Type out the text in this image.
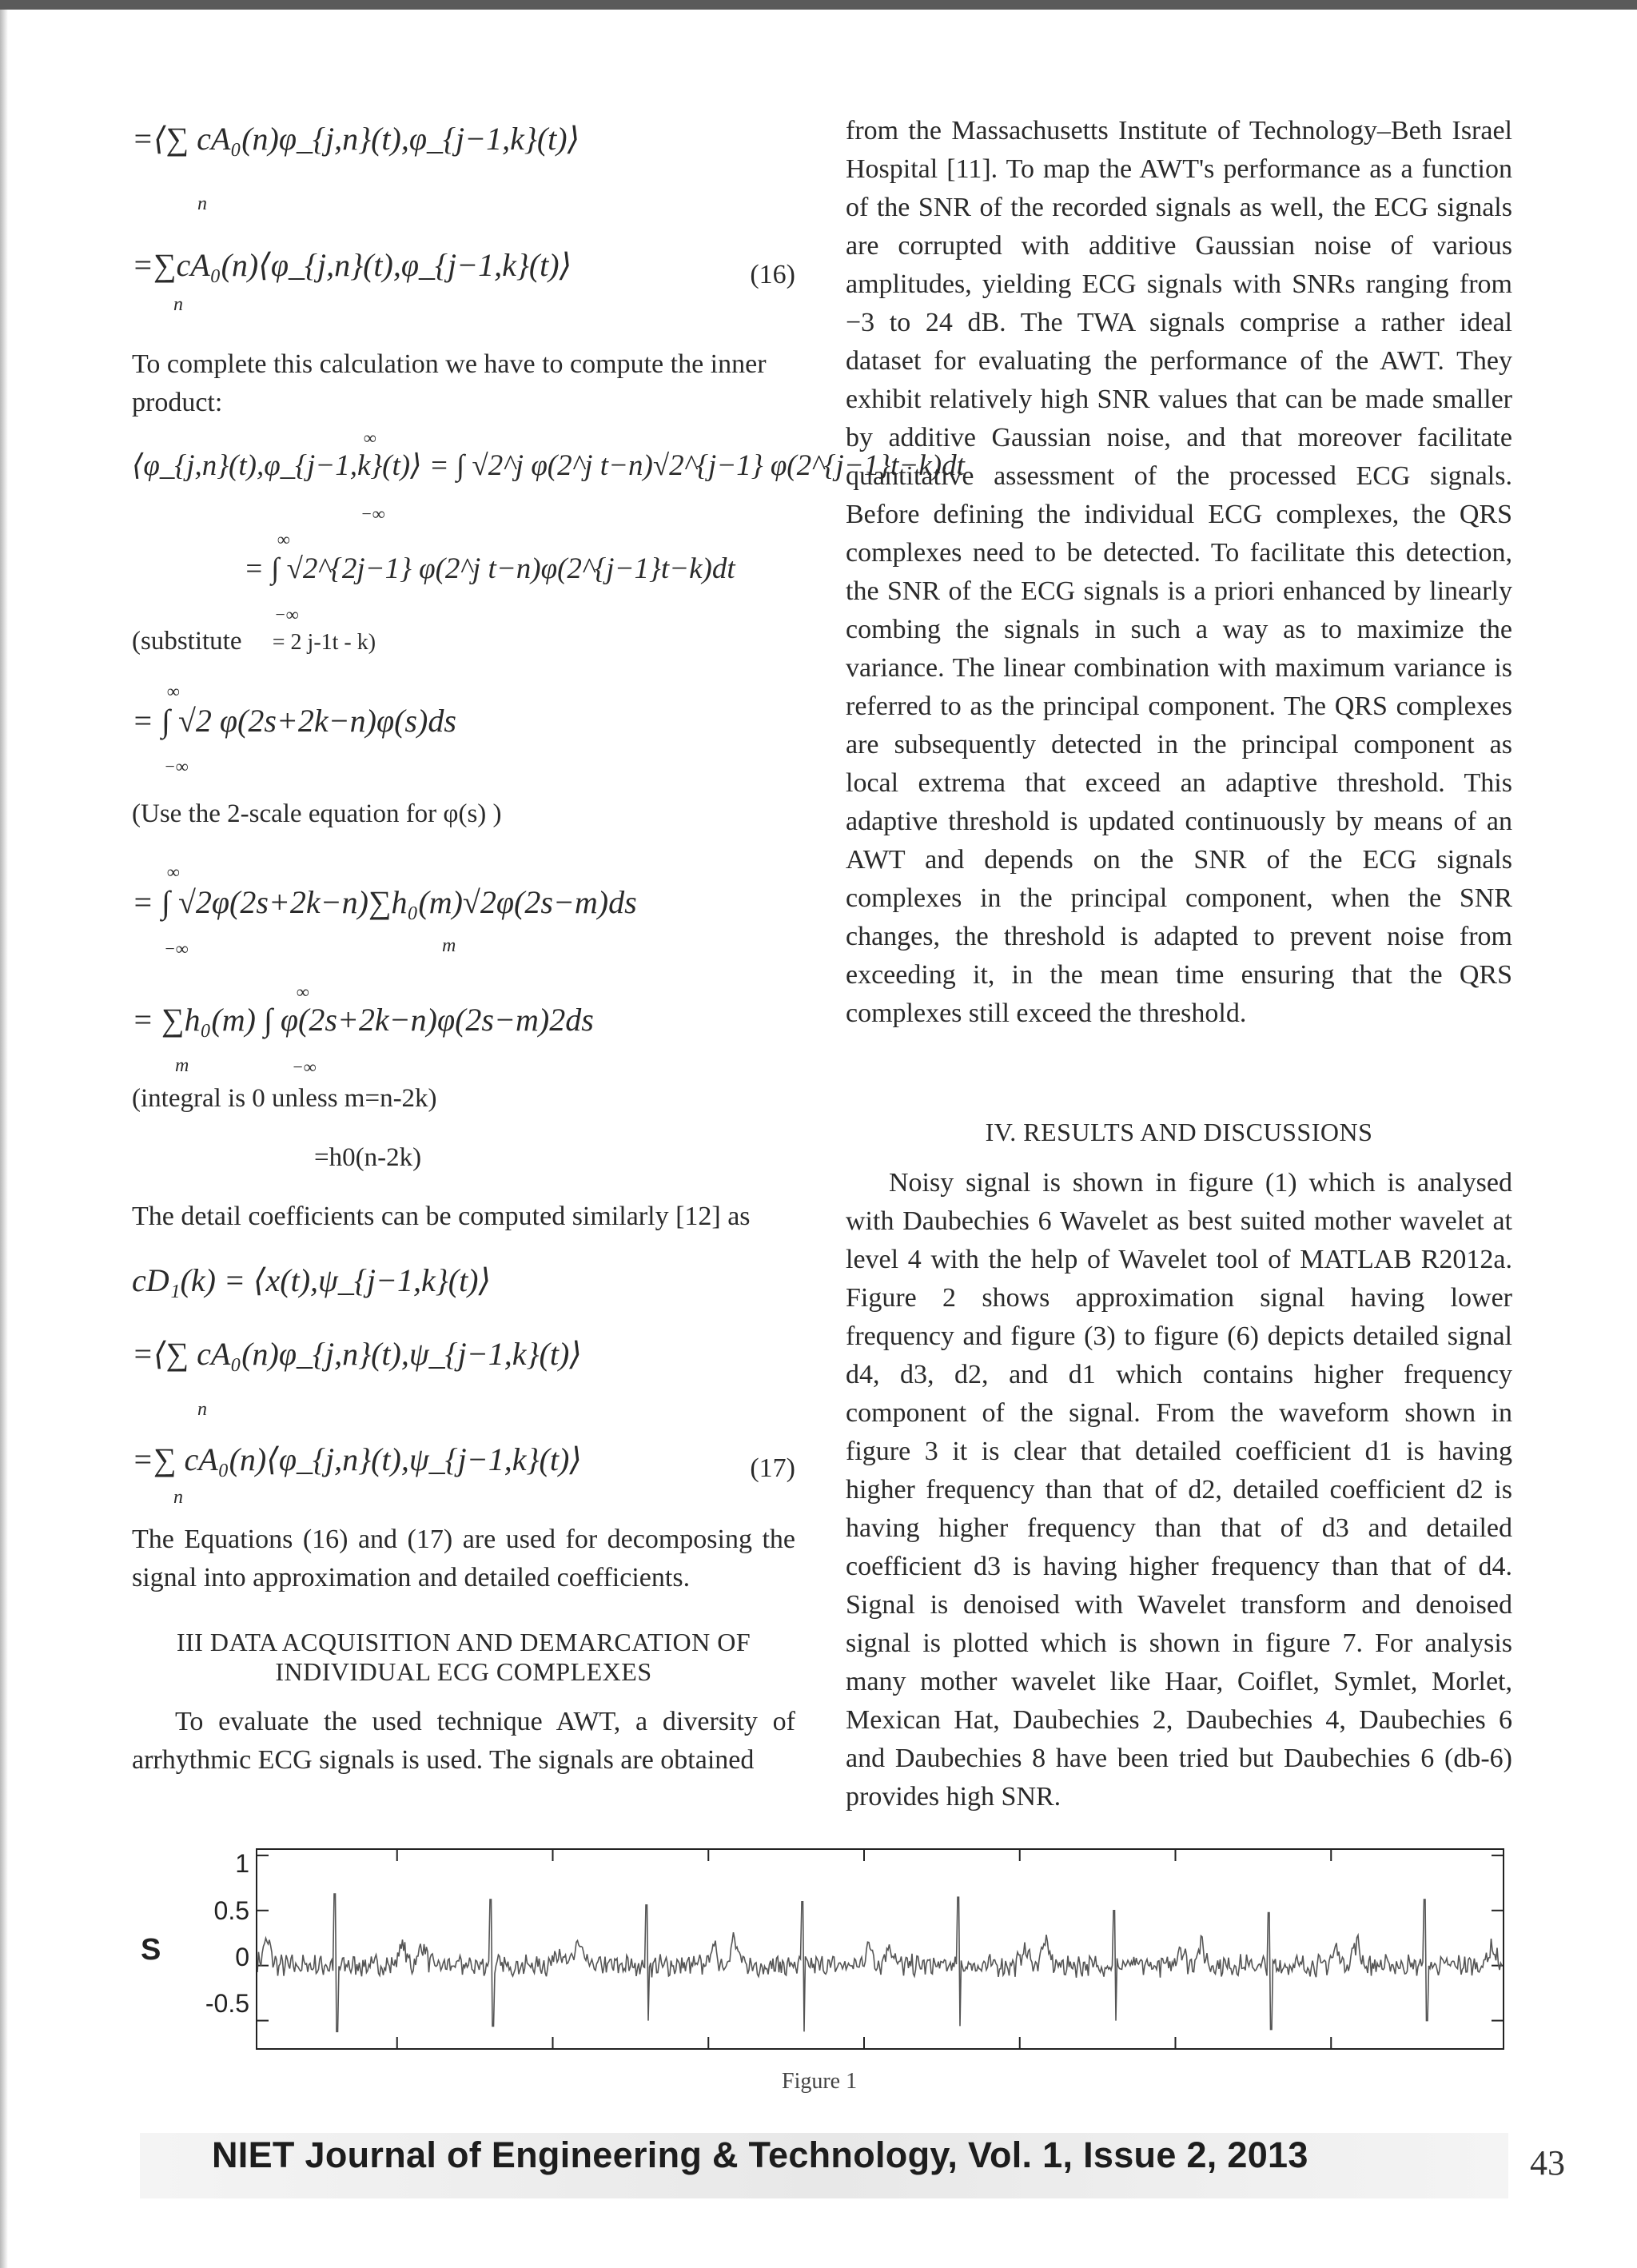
=⟨∑ cA₀(n)φ_{j,n}(t),φ_{j−1,k}(t)⟩
n
=∑cA₀(n)⟨φ_{j,n}(t),φ_{j−1,k}(t)⟩
n
(16)

To complete this calculation we have to compute the inner product:

∞
⟨φ_{j,n}(t),φ_{j−1,k}(t)⟩ = ∫ √2^j φ(2^j t−n)√2^{j−1} φ(2^{j−1}t−k)dt
−∞
∞
= ∫ √2^{2j−1} φ(2^j t−n)φ(2^{j−1}t−k)dt
−∞
(substitute = 2 j-1t - k)
∞
= ∫ √2 φ(2s+2k−n)φ(s)ds
−∞
(Use the 2-scale equation for φ(s) )
∞
= ∫ √2φ(2s+2k−n)∑h₀(m)√2φ(2s−m)ds
−∞	m
∞
= ∑h₀(m) ∫ φ(2s+2k−n)φ(2s−m)2ds
−∞
m
(integral is 0 unless m=n-2k)
=h0(n-2k)

The detail coefficients can be computed similarly [12] as

cD₁(k) = ⟨x(t),ψ_{j−1,k}(t)⟩
=⟨∑ cA₀(n)φ_{j,n}(t),ψ_{j−1,k}(t)⟩
n
=∑ cA₀(n)⟨φ_{j,n}(t),ψ_{j−1,k}(t)⟩
n
(17)

The Equations (16) and (17) are used for decomposing the signal into approximation and detailed coefficients.

III DATA ACQUISITION AND DEMARCATION OF
INDIVIDUAL ECG COMPLEXES

To evaluate the used technique AWT, a diversity of arrhythmic ECG signals is used. The signals are obtained

from the Massachusetts Institute of Technology–Beth Israel Hospital [11]. To map the AWT's performance as a function of the SNR of the recorded signals as well, the ECG signals are corrupted with additive Gaussian noise of various amplitudes, yielding ECG signals with SNRs ranging from −3 to 24 dB. The TWA signals comprise a rather ideal dataset for evaluating the performance of the AWT. They exhibit relatively high SNR values that can be made smaller by additive Gaussian noise, and that moreover facilitate quantitative assessment of the processed ECG signals. Before defining the individual ECG complexes, the QRS complexes need to be detected. To facilitate this detection, the SNR of the ECG signals is a priori enhanced by linearly combing the signals in such a way as to maximize the variance. The linear combination with maximum variance is referred to as the principal component. The QRS complexes are subsequently detected in the principal component as local extrema that exceed an adaptive threshold. This adaptive threshold is updated continuously by means of an AWT and depends on the SNR of the ECG signals complexes in the principal component, when the SNR changes, the threshold is adapted to prevent noise from exceeding it, in the mean time ensuring that the QRS complexes still exceed the threshold.

IV. RESULTS AND DISCUSSIONS

Noisy signal is shown in figure (1) which is analysed with Daubechies 6 Wavelet as best suited mother wavelet at level 4 with the help of Wavelet tool of MATLAB R2012a. Figure 2 shows approximation signal having lower frequency and figure (3) to figure (6) depicts detailed signal d4, d3, d2, and d1 which contains higher frequency component of the signal. From the waveform shown in figure 3 it is clear that detailed coefficient d1 is having higher frequency than that of d2, detailed coefficient d2 is having higher frequency than that of d3 and detailed coefficient d3 is having higher frequency than that of d4. Signal is denoised with Wavelet transform and denoised signal is plotted which is shown in figure 7. For analysis many mother wavelet like Haar, Coiflet, Symlet, Morlet, Mexican Hat, Daubechies 2, Daubechies 4, Daubechies 6 and Daubechies 8 have been tried but Daubechies 6 (db-6) provides high SNR.

S
1
0.5
0
-0.5
Figure 1
NIET Journal of Engineering & Technology, Vol. 1, Issue 2, 2013	43
